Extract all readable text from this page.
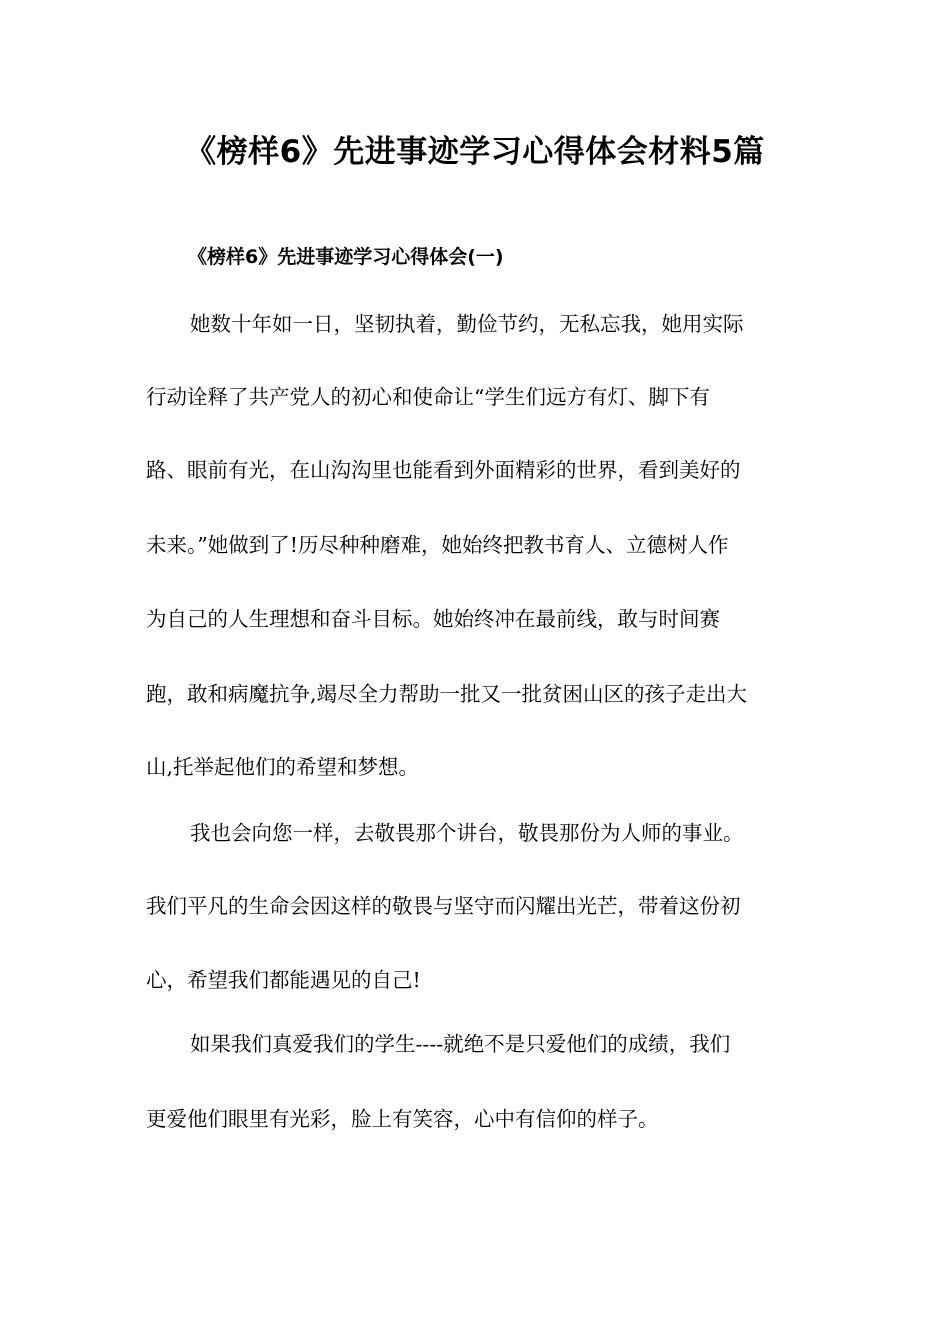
《榜样6》先进事迹学习心得体会材料5篇
《榜样6》先进事迹学习心得体会(一)

她数十年如一日，坚韧执着，勤俭节约，无私忘我，她用实际

行动诠释了共产党人的初心和使命让“学生们远方有灯、脚下有

路、眼前有光，在山沟沟里也能看到外面精彩的世界，看到美好的

未来。”她做到了!历尽种种磨难，她始终把教书育人、立德树人作

为自己的人生理想和奋斗目标。她始终冲在最前线，敢与时间赛

跑，敢和病魔抗争,竭尽全力帮助一批又一批贫困山区的孩子走出大

山,托举起他们的希望和梦想。

我也会向您一样，去敬畏那个讲台，敬畏那份为人师的事业。

我们平凡的生命会因这样的敬畏与坚守而闪耀出光芒，带着这份初

心，希望我们都能遇见的自己!

如果我们真爱我们的学生----就绝不是只爱他们的成绩，我们

更爱他们眼里有光彩，脸上有笑容，心中有信仰的样子。
